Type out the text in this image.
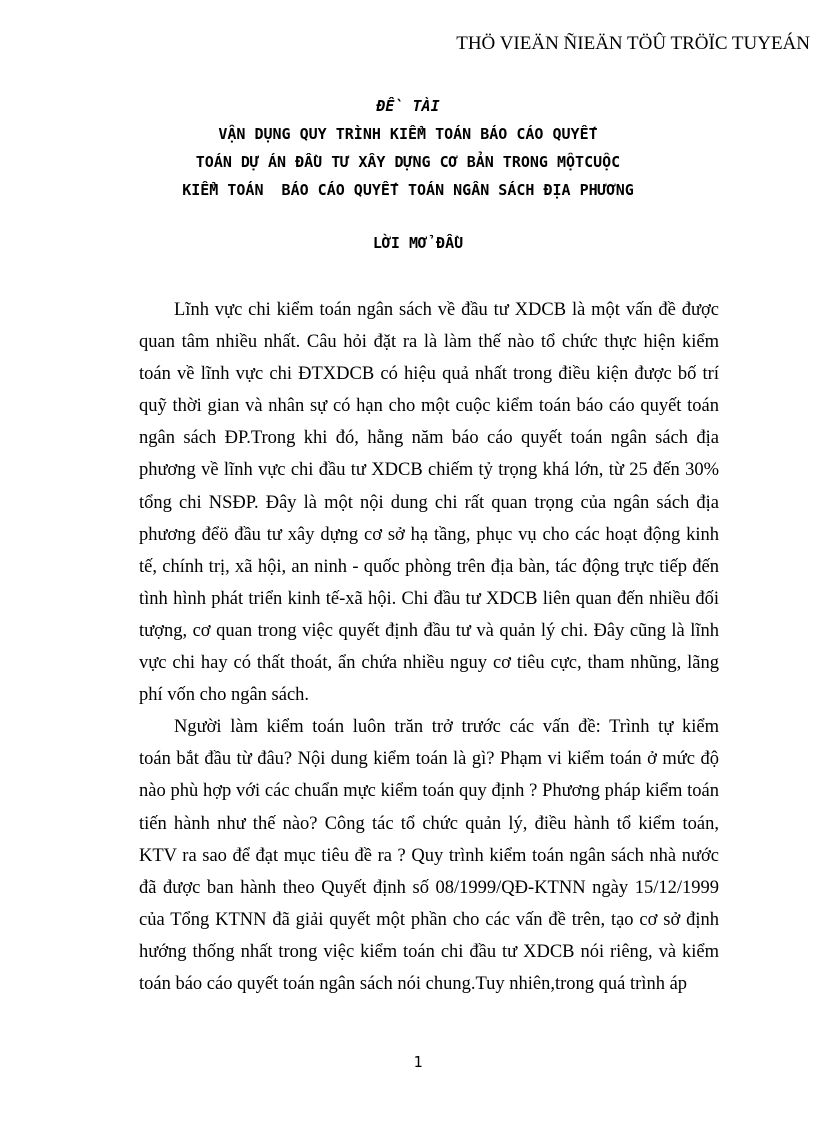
THÖ VIEÄN ÑIEÄN TÖÛ TRÖÏC TUYEÁN
ĐỀ TÀI
VẬN DỤNG QUY TRÌNH KIỂM TOÁN BÁO CÁO QUYẾT
TOÁN DỰ ÁN ĐẦU TƯ XÂY DỰNG CƠ BẢN TRONG MỘTCUỘC
KIỂM TOÁN  BÁO CÁO QUYẾT TOÁN NGÂN SÁCH ĐỊA PHƯƠNG
LỜI MỞ ĐẦU

Lĩnh vực chi kiểm toán ngân sách về đầu tư XDCB là một vấn đề được
quan tâm nhiều nhất. Câu hỏi đặt ra là làm thế nào tổ chức thực hiện kiểm
toán về lĩnh vực chi ĐTXDCB có hiệu quả nhất trong điều kiện được bố trí
quỹ thời gian và nhân sự có hạn cho một cuộc kiểm toán báo cáo quyết toán
ngân sách ĐP.Trong khi đó, hằng năm báo cáo quyết toán ngân sách địa
phương về lĩnh vực chi đầu tư XDCB chiếm tỷ trọng khá lớn, từ 25 đến 30%
tổng chi NSĐP. Đây là một nội dung chi rất quan trọng của ngân sách địa
phương đểö đầu tư xây dựng cơ sở hạ tầng, phục vụ cho các hoạt động kinh
tế, chính trị, xã hội, an ninh - quốc phòng trên địa bàn, tác động trực tiếp đến
tình hình phát triển kinh tế-xã hội. Chi đầu tư XDCB liên quan đến nhiều đối
tượng, cơ quan trong việc quyết định đầu tư và quản lý chi. Đây cũng là lĩnh
vực chi hay có thất thoát, ẩn chứa nhiều nguy cơ tiêu cực, tham nhũng, lãng
phí vốn cho ngân sách.

Người làm kiểm toán luôn trăn trở trước các vấn đề: Trình tự kiểm
toán bắt đầu từ đâu? Nội dung kiểm toán là gì? Phạm vi kiểm toán ở mức độ
nào phù hợp với các chuẩn mực kiểm toán quy định ? Phương pháp kiểm toán
tiến hành như thế nào? Công tác tổ chức quản lý, điều hành tổ kiểm toán,
KTV ra sao để đạt mục tiêu đề ra ? Quy trình kiểm toán ngân sách nhà nước
đã được ban hành theo Quyết định số 08/1999/QĐ-KTNN ngày 15/12/1999
của Tổng KTNN đã giải quyết một phần cho các vấn đề trên, tạo cơ sở định
hướng thống nhất trong việc kiểm toán chi đầu tư XDCB nói riêng, và kiểm
toán báo cáo quyết toán ngân sách nói chung.Tuy nhiên,trong quá trình áp

1
